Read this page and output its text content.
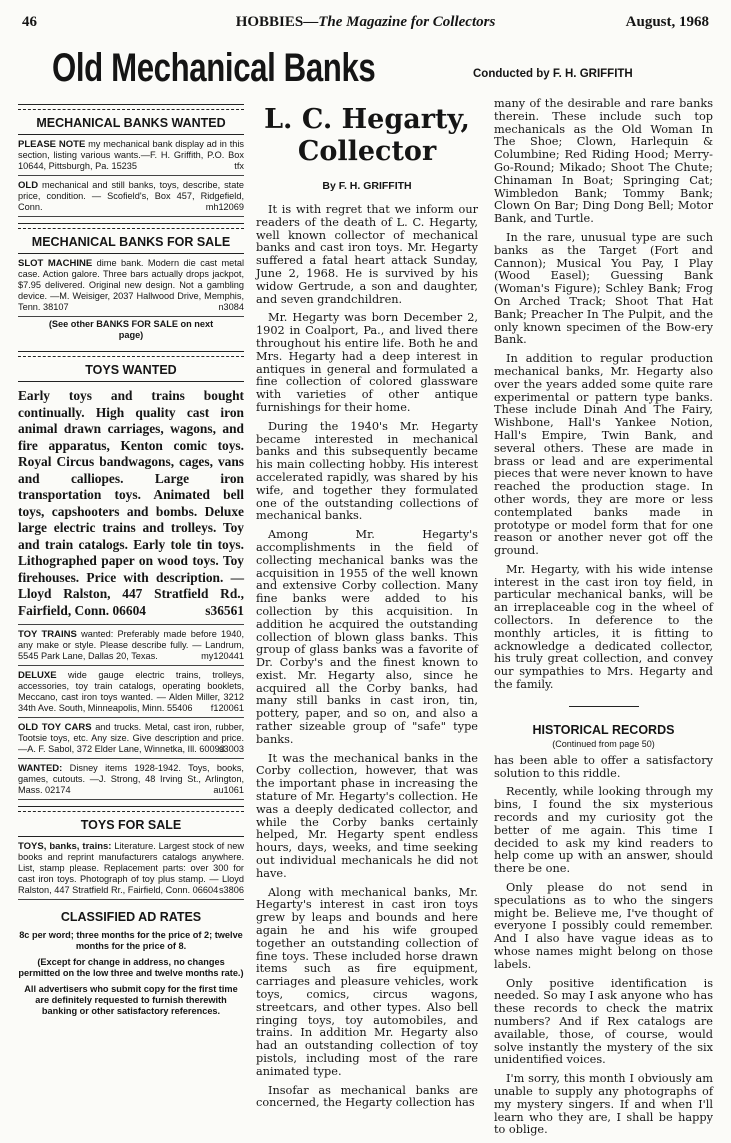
46	HOBBIES—The Magazine for Collectors	August, 1968
Old Mechanical Banks	Conducted by F. H. GRIFFITH
MECHANICAL BANKS WANTED
PLEASE NOTE my mechanical bank display ad in this section, listing various wants.—F. H. Griffith, P.O. Box 10644, Pittsburgh, Pa. 15235	tfx
OLD mechanical and still banks, toys, describe, state price, condition. — Scofield's, Box 457, Ridgefield, Conn.	mh12069
MECHANICAL BANKS FOR SALE
SLOT MACHINE dime bank. Modern die cast metal case. Action galore. Three bars actually drops jackpot, $7.95 delivered. Original new design. Not a gambling device. —M. Weisiger, 2037 Hallwood Drive, Memphis, Tenn. 38107	n3084
(See other BANKS FOR SALE on next page)
TOYS WANTED
Early toys and trains bought continually. High quality cast iron animal drawn carriages, wagons, and fire apparatus, Kenton comic toys. Royal Circus bandwagons, cages, vans and calliopes. Large iron transportation toys. Animated bell toys, capshooters and bombs. Deluxe large electric trains and trolleys. Toy and train catalogs. Early tole tin toys. Lithographed paper on wood toys. Toy firehouses. Price with description. — Lloyd Ralston, 447 Stratfield Rd., Fairfield, Conn. 06604	s36561
TOY TRAINS wanted: Preferably made before 1940, any make or style. Please describe fully. — Landrum, 5545 Park Lane, Dallas 20, Texas.	my120441
DELUXE wide gauge electric trains, trolleys, accessories, toy train catalogs, operating booklets, Meccano, cast iron toys wanted. — Alden Miller, 3212 34th Ave. South, Minneapolis, Minn. 55406	f120061
OLD TOY CARS and trucks. Metal, cast iron, rubber, Tootsie toys, etc. Any size. Give description and price.—A. F. Sabol, 372 Elder Lane, Winnetka, Ill. 60093
s3003
WANTED: Disney items 1928-1942. Toys, books, games, cutouts. —J. Strong, 48 Irving St., Arlington, Mass. 02174	au1061
TOYS FOR SALE
TOYS, banks, trains: Literature. Largest stock of new books and reprint manufacturers catalogs anywhere. List, stamp please. Replacement parts: over 300 for cast iron toys. Photograph of toy plus stamp. — Lloyd Ralston, 447 Stratfield Rr., Fairfield, Conn. 06604 s3806
CLASSIFIED AD RATES

8c per word; three months for the price of 2; twelve months for the price of 8.

(Except for change in address, no changes permitted on the low three and twelve months rate.)

All advertisers who submit copy for the first time are definitely requested to furnish therewith banking or other satisfactory references.

L. C. Hegarty, Collector
By F. H. GRIFFITH

It is with regret that we inform our readers of the death of L. C. Hegarty, well known collector of mechanical banks and cast iron toys. Mr. Hegarty suffered a fatal heart attack Sunday, June 2, 1968. He is survived by his widow Gertrude, a son and daughter, and seven grandchildren.

Mr. Hegarty was born December 2, 1902 in Coalport, Pa., and lived there throughout his entire life. Both he and Mrs. Hegarty had a deep interest in antiques in general and formulated a fine collection of colored glassware with varieties of other antique furnishings for their home.

During the 1940's Mr. Hegarty became interested in mechanical banks and this subsequently became his main collecting hobby. His interest accelerated rapidly, was shared by his wife, and together they formulated one of the outstanding collections of mechanical banks.

Among Mr. Hegarty's accomplishments in the field of collecting mechanical banks was the acquisition in 1955 of the well known and extensive Corby collection. Many fine banks were added to his collection by this acquisition. In addition he acquired the outstanding collection of blown glass banks. This group of glass banks was a favorite of Dr. Corby's and the finest known to exist. Mr. Hegarty also, since he acquired all the Corby banks, had many still banks in cast iron, tin, pottery, paper, and so on, and also a rather sizeable group of "safe" type banks.

It was the mechanical banks in the Corby collection, however, that was the important phase in increasing the stature of Mr. Hegarty's collection. He was a deeply dedicated collector, and while the Corby banks certainly helped, Mr. Hegarty spent endless hours, days, weeks, and time seeking out individual mechanicals he did not have.

Along with mechanical banks, Mr. Hegarty's interest in cast iron toys grew by leaps and bounds and here again he and his wife grouped together an outstanding collection of fine toys. These included horse drawn items such as fire equipment, carriages and pleasure vehicles, work toys, comics, circus wagons, streetcars, and other types. Also bell ringing toys, toy automobiles, and trains. In addition Mr. Hegarty also had an outstanding collection of toy pistols, including most of the rare animated type.

Insofar as mechanical banks are concerned, the Hegarty collection has

many of the desirable and rare banks therein. These include such top mechanicals as the Old Woman In The Shoe; Clown, Harlequin & Columbine; Red Riding Hood; Merry-Go-Round; Mikado; Shoot The Chute; Chinaman In Boat; Springing Cat; Wimbledon Bank; Tommy Bank; Clown On Bar; Ding Dong Bell; Motor Bank, and Turtle.

In the rare, unusual type are such banks as the Target (Fort and Cannon); Musical You Pay, I Play (Wood Easel); Guessing Bank (Woman's Figure); Schley Bank; Frog On Arched Track; Shoot That Hat Bank; Preacher In The Pulpit, and the only known specimen of the Bow-ery Bank.

In addition to regular production mechanical banks, Mr. Hegarty also over the years added some quite rare experimental or pattern type banks. These include Dinah And The Fairy, Wishbone, Hall's Yankee Notion, Hall's Empire, Twin Bank, and several others. These are made in brass or lead and are experimental pieces that were never known to have reached the production stage. In other words, they are more or less contemplated banks made in prototype or model form that for one reason or another never got off the ground.

Mr. Hegarty, with his wide intense interest in the cast iron toy field, in particular mechanical banks, will be an irreplaceable cog in the wheel of collectors. In deference to the monthly articles, it is fitting to acknowledge a dedicated collector, his truly great collection, and convey our sympathies to Mrs. Hegarty and the family.

HISTORICAL RECORDS
(Continued from page 50)

has been able to offer a satisfactory solution to this riddle.

Recently, while looking through my bins, I found the six mysterious records and my curiosity got the better of me again. This time I decided to ask my kind readers to help come up with an answer, should there be one.

Only please do not send in speculations as to who the singers might be. Believe me, I've thought of everyone I possibly could remember. And I also have vague ideas as to whose names might belong on those labels.

Only positive identification is needed. So may I ask anyone who has these records to check the matrix numbers? And if Rex catalogs are available, those, of course, would solve instantly the mystery of the six unidentified voices.

I'm sorry, this month I obviously am unable to supply any photographs of my mystery singers. If and when I'll learn who they are, I shall be happy to oblige.
